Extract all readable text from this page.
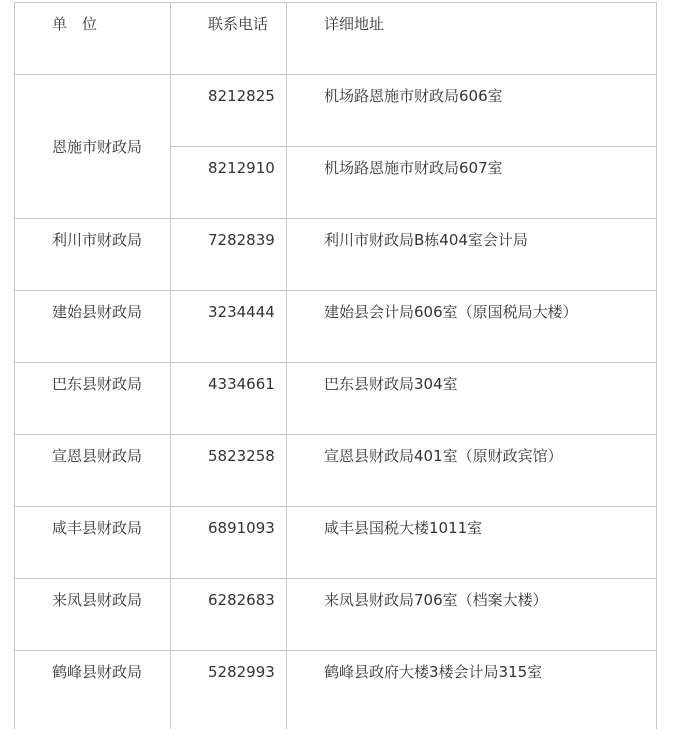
单　位	联系电话	详细地址
恩施市财政局	8212825	机场路恩施市财政局606室
	8212910	机场路恩施市财政局607室
利川市财政局	7282839	利川市财政局B栋404室会计局
建始县财政局	3234444	建始县会计局606室（原国税局大楼）
巴东县财政局	4334661	巴东县财政局304室
宣恩县财政局	5823258	宣恩县财政局401室（原财政宾馆）
咸丰县财政局	6891093	咸丰县国税大楼1011室
来凤县财政局	6282683	来凤县财政局706室（档案大楼）
鹤峰县财政局	5282993	鹤峰县政府大楼3楼会计局315室
